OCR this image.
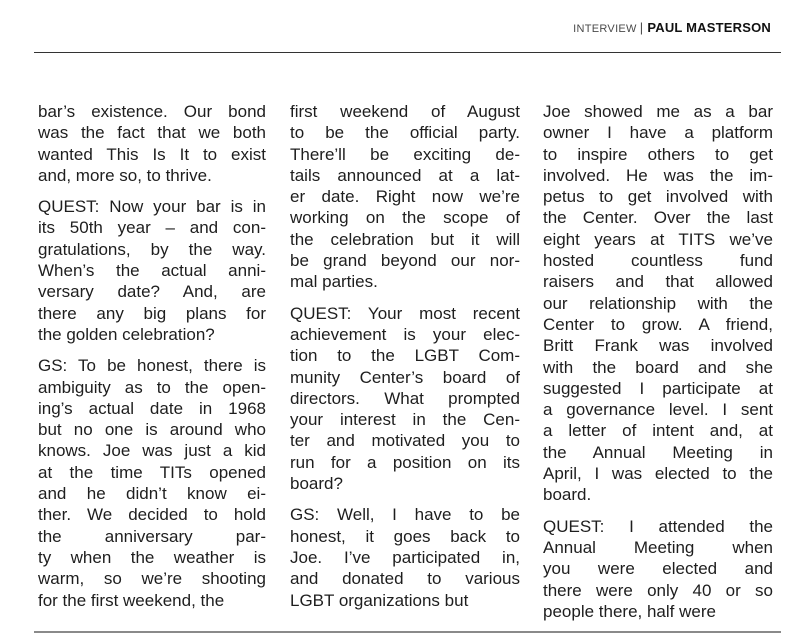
INTERVIEW | PAUL MASTERSON
bar’s existence. Our bond
was the fact that we both
wanted This Is It to exist
and, more so, to thrive.
QUEST: Now your bar is in
its 50th year – and con-
gratulations, by the way.
When’s the actual anni-
versary date? And, are
there any big plans for
the golden celebration?
GS: To be honest, there is
ambiguity as to the open-
ing’s actual date in 1968
but no one is around who
knows. Joe was just a kid
at the time TITs opened
and he didn’t know ei-
ther. We decided to hold
the anniversary par-
ty when the weather is
warm, so we’re shooting
for the first weekend, the
first weekend of August
to be the official party.
There’ll be exciting de-
tails announced at a lat-
er date. Right now we’re
working on the scope of
the celebration but it will
be grand beyond our nor-
mal parties.
QUEST: Your most recent
achievement is your elec-
tion to the LGBT Com-
munity Center’s board of
directors. What prompted
your interest in the Cen-
ter and motivated you to
run for a position on its
board?
GS: Well, I have to be
honest, it goes back to
Joe. I’ve participated in,
and donated to various
LGBT organizations but
Joe showed me as a bar
owner I have a platform
to inspire others to get
involved. He was the im-
petus to get involved with
the Center. Over the last
eight years at TITS we’ve
hosted countless fund
raisers and that allowed
our relationship with the
Center to grow. A friend,
Britt Frank was involved
with the board and she
suggested I participate at
a governance level. I sent
a letter of intent and, at
the Annual Meeting in
April, I was elected to the
board.
QUEST: I attended the
Annual Meeting when
you were elected and
there were only 40 or so
people there, half were
